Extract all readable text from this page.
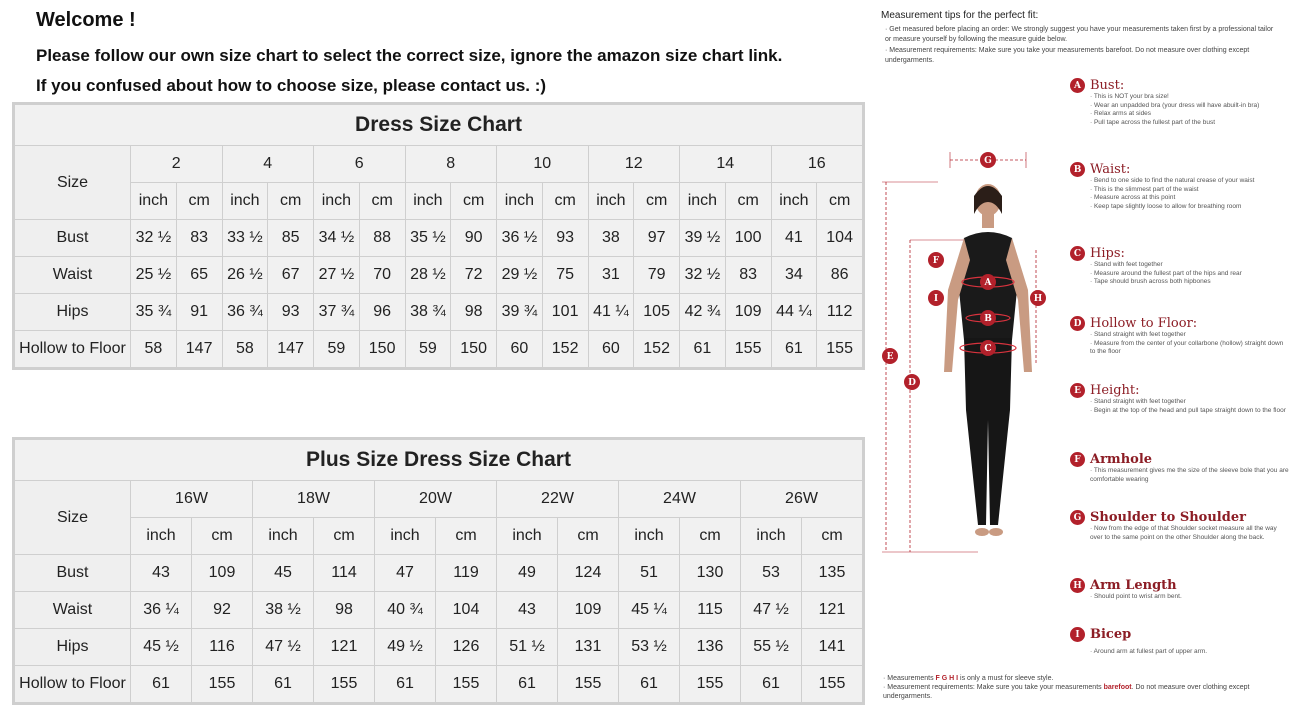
Welcome !
Please follow our own size chart to select the correct size, ignore the amazon size chart link.
If you confused about how to choose size, please contact us. :)
Dress Size Chart																
Size	2		4		6		8		10		12		14		16	
	inch	cm	inch	cm	inch	cm	inch	cm	inch	cm	inch	cm	inch	cm	inch	cm
Bust	32 ½	83	33 ½	85	34 ½	88	35 ½	90	36 ½	93	38	97	39 ½	100	41	104
Waist	25 ½	65	26 ½	67	27 ½	70	28 ½	72	29 ½	75	31	79	32 ½	83	34	86
Hips	35 ¾	91	36 ¾	93	37 ¾	96	38 ¾	98	39 ¾	101	41 ¼	105	42 ¾	109	44 ¼	112
Hollow to Floor	58	147	58	147	59	150	59	150	60	152	60	152	61	155	61	155
Plus Size Dress Size Chart												
Size	16W		18W		20W		22W		24W		26W	
	inch	cm	inch	cm	inch	cm	inch	cm	inch	cm	inch	cm
Bust	43	109	45	114	47	119	49	124	51	130	53	135
Waist	36 ¼	92	38 ½	98	40 ¾	104	43	109	45 ¼	115	47 ½	121
Hips	45 ½	116	47 ½	121	49 ½	126	51 ½	131	53 ½	136	55 ½	141
Hollow to Floor	61	155	61	155	61	155	61	155	61	155	61	155
Measurement tips for the perfect fit:
· Get measured before placing an order: We strongly suggest you have your measurements taken first by a professional tailor or measure yourself by following the measure guide below.
· Measurement requirements: Make sure you take your measurements barefoot. Do not measure over clothing except undergarments.
G
A
B
C
F
I	H
E
D
A Bust:
· This is NOT your bra size!
· Wear an unpadded bra (your dress will have abuilt-in bra)
· Relax arms at sides
· Pull tape across the fullest part of the bust
B Waist:
· Bend to one side to find the natural crease of your waist
· This is the slimmest part of the waist
· Measure across at this point
· Keep tape slightly loose to allow for breathing room
C Hips:
· Stand with feet together
· Measure around the fullest part of the hips and rear
· Tape should brush across both hipbones
D Hollow to Floor:
· Stand straight with feet together
· Measure from the center of your collarbone (hollow) straight down to the floor
E Height:
· Stand straight with feet together
· Begin at the top of the head and pull tape straight down to the floor
F Armhole
· This measurement gives me the size of the sleeve bole that you are comfortable wearing
G Shoulder to Shoulder
· Now from the edge of that Shoulder socket measure all the way over to the same point on the other Shoulder along the back.
H Arm Length
· Should point to wrist arm bent.
I Bicep
· Around arm at fullest part of upper arm.
· Measurements F G H I is only a must for sleeve style.
· Measurement requirements: Make sure you take your measurements barefoot. Do not measure over clothing except undergarments.
